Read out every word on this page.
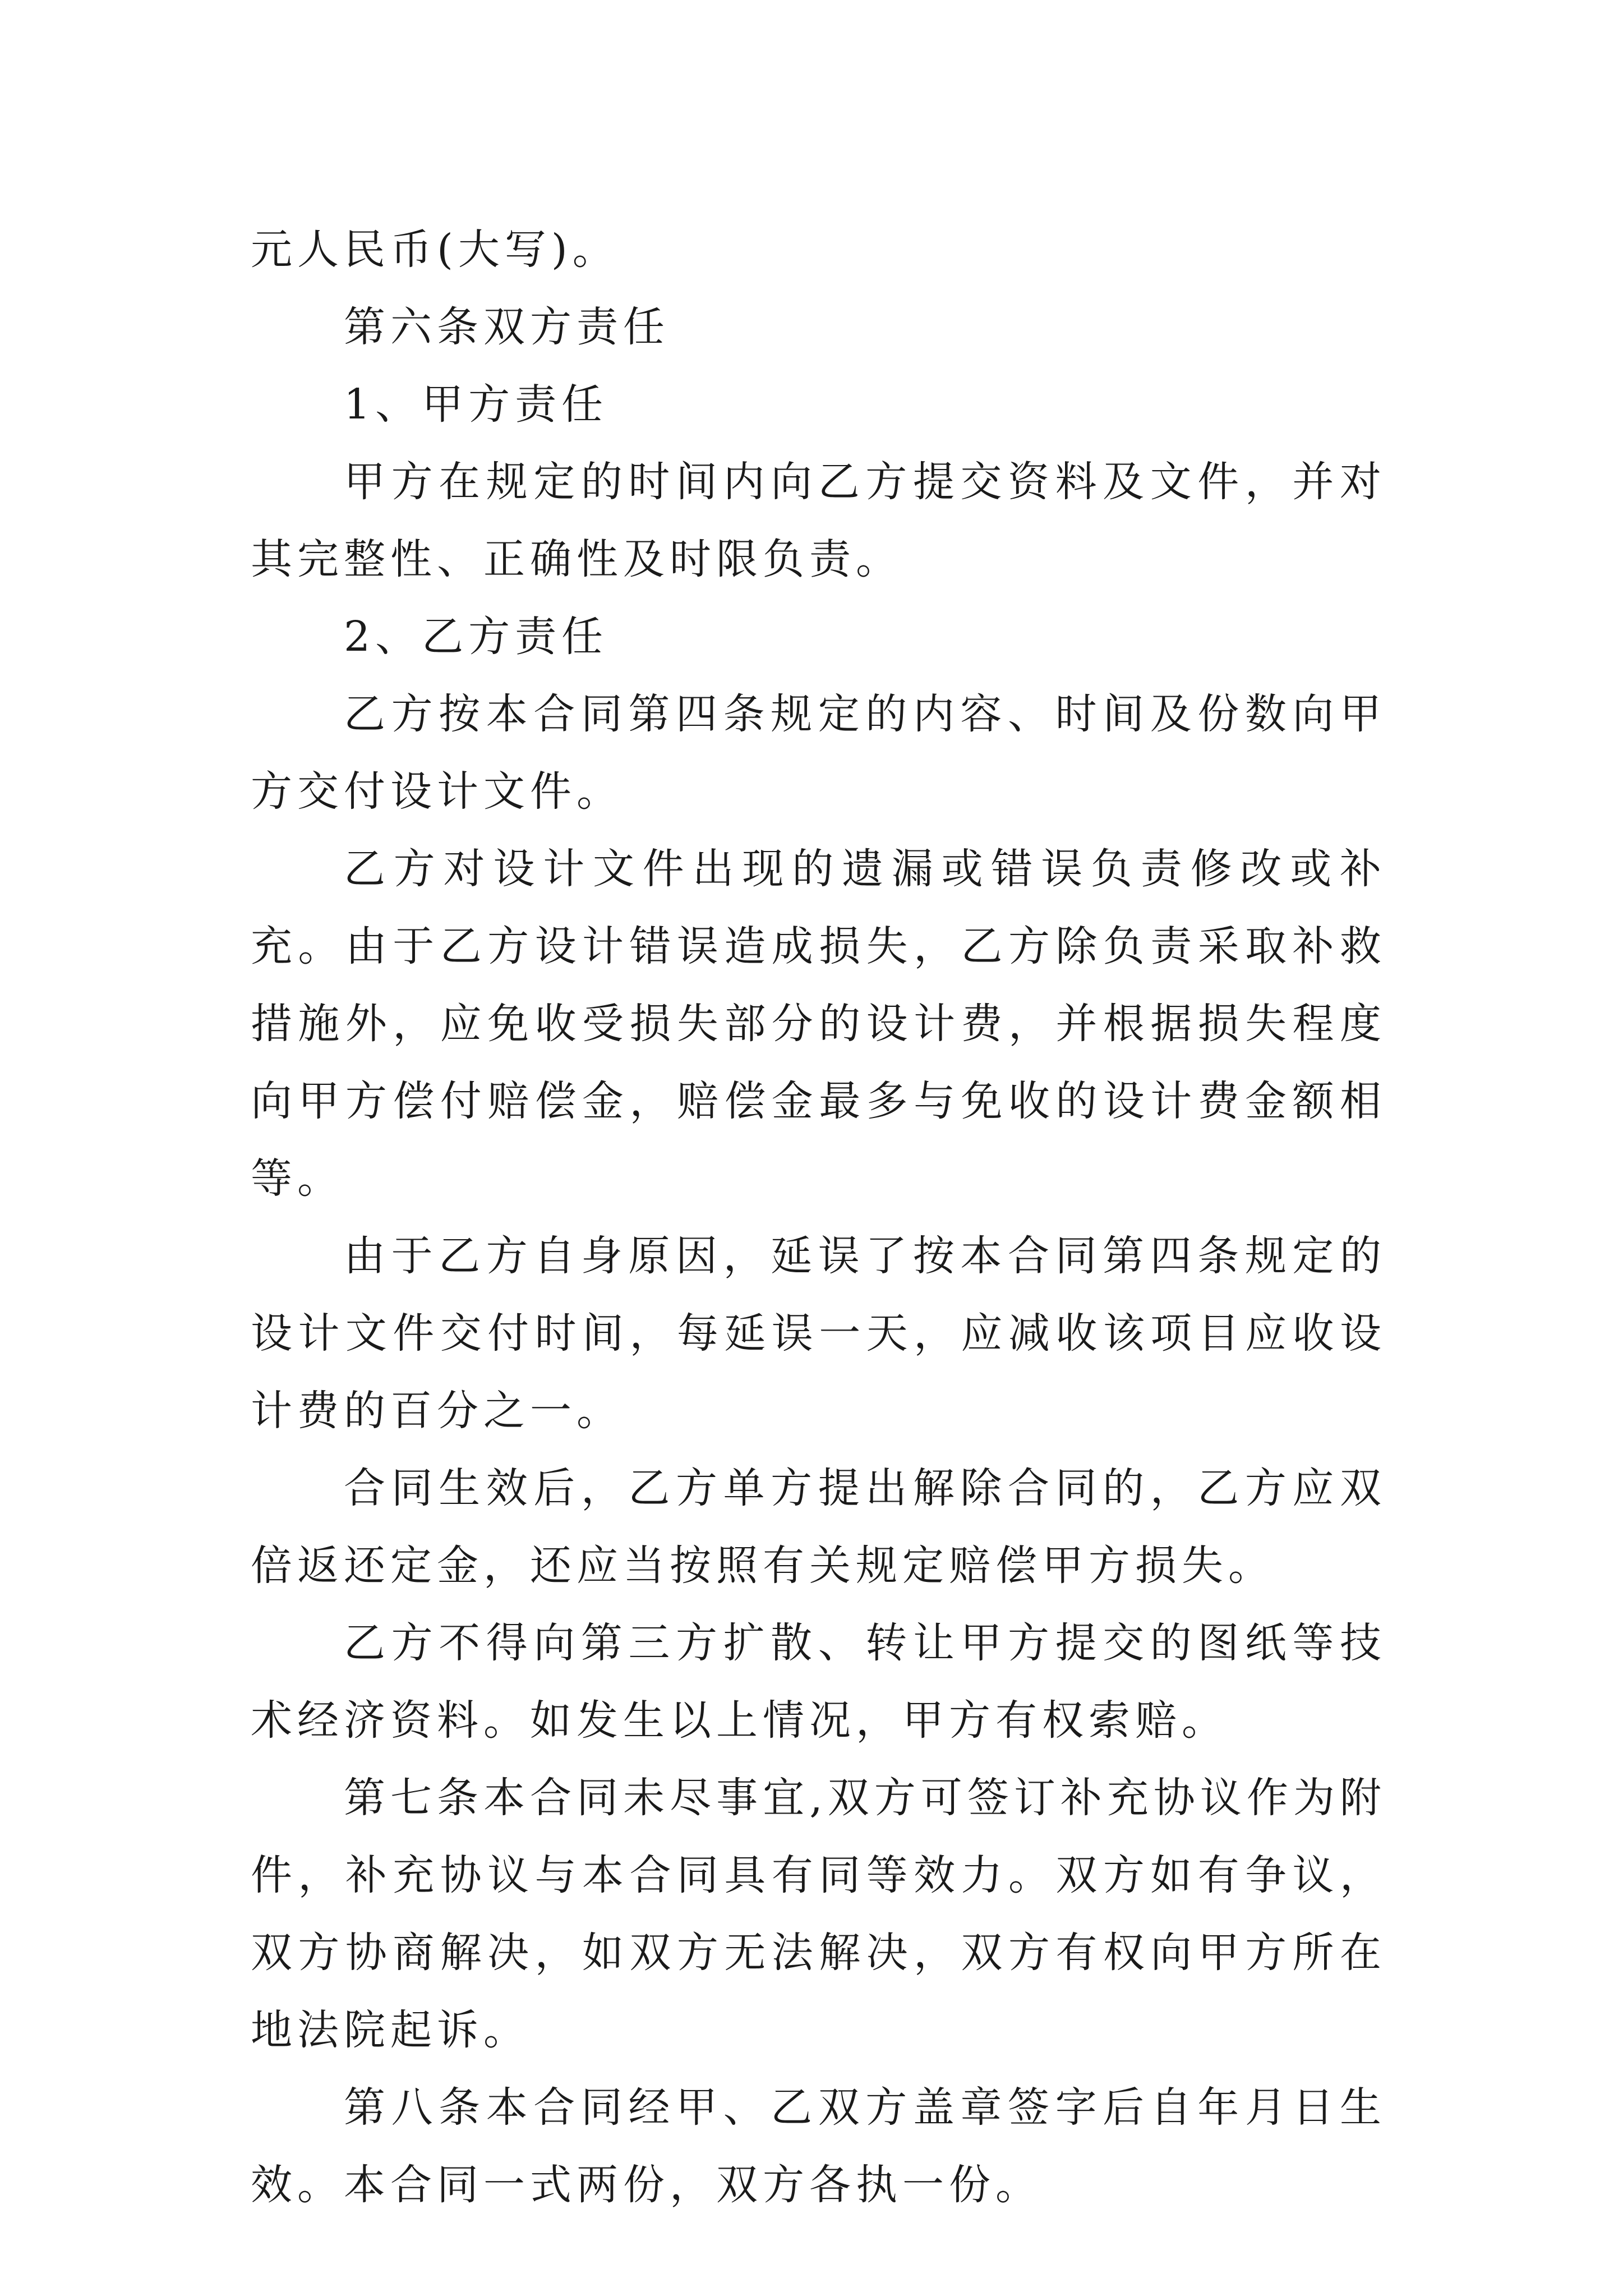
元人民币(大写)。

第六条双方责任

1、甲方责任

甲方在规定的时间内向乙方提交资料及文件，并对其完整性、正确性及时限负责。

2、乙方责任

乙方按本合同第四条规定的内容、时间及份数向甲方交付设计文件。

乙方对设计文件出现的遗漏或错误负责修改或补充。由于乙方设计错误造成损失，乙方除负责采取补救措施外，应免收受损失部分的设计费，并根据损失程度向甲方偿付赔偿金，赔偿金最多与免收的设计费金额相等。

由于乙方自身原因，延误了按本合同第四条规定的设计文件交付时间，每延误一天，应减收该项目应收设计费的百分之一。

合同生效后，乙方单方提出解除合同的，乙方应双倍返还定金，还应当按照有关规定赔偿甲方损失。

乙方不得向第三方扩散、转让甲方提交的图纸等技术经济资料。如发生以上情况，甲方有权索赔。

第七条本合同未尽事宜,双方可签订补充协议作为附件，补充协议与本合同具有同等效力。双方如有争议，双方协商解决，如双方无法解决，双方有权向甲方所在地法院起诉。

第八条本合同经甲、乙双方盖章签字后自年月日生效。本合同一式两份，双方各执一份。
